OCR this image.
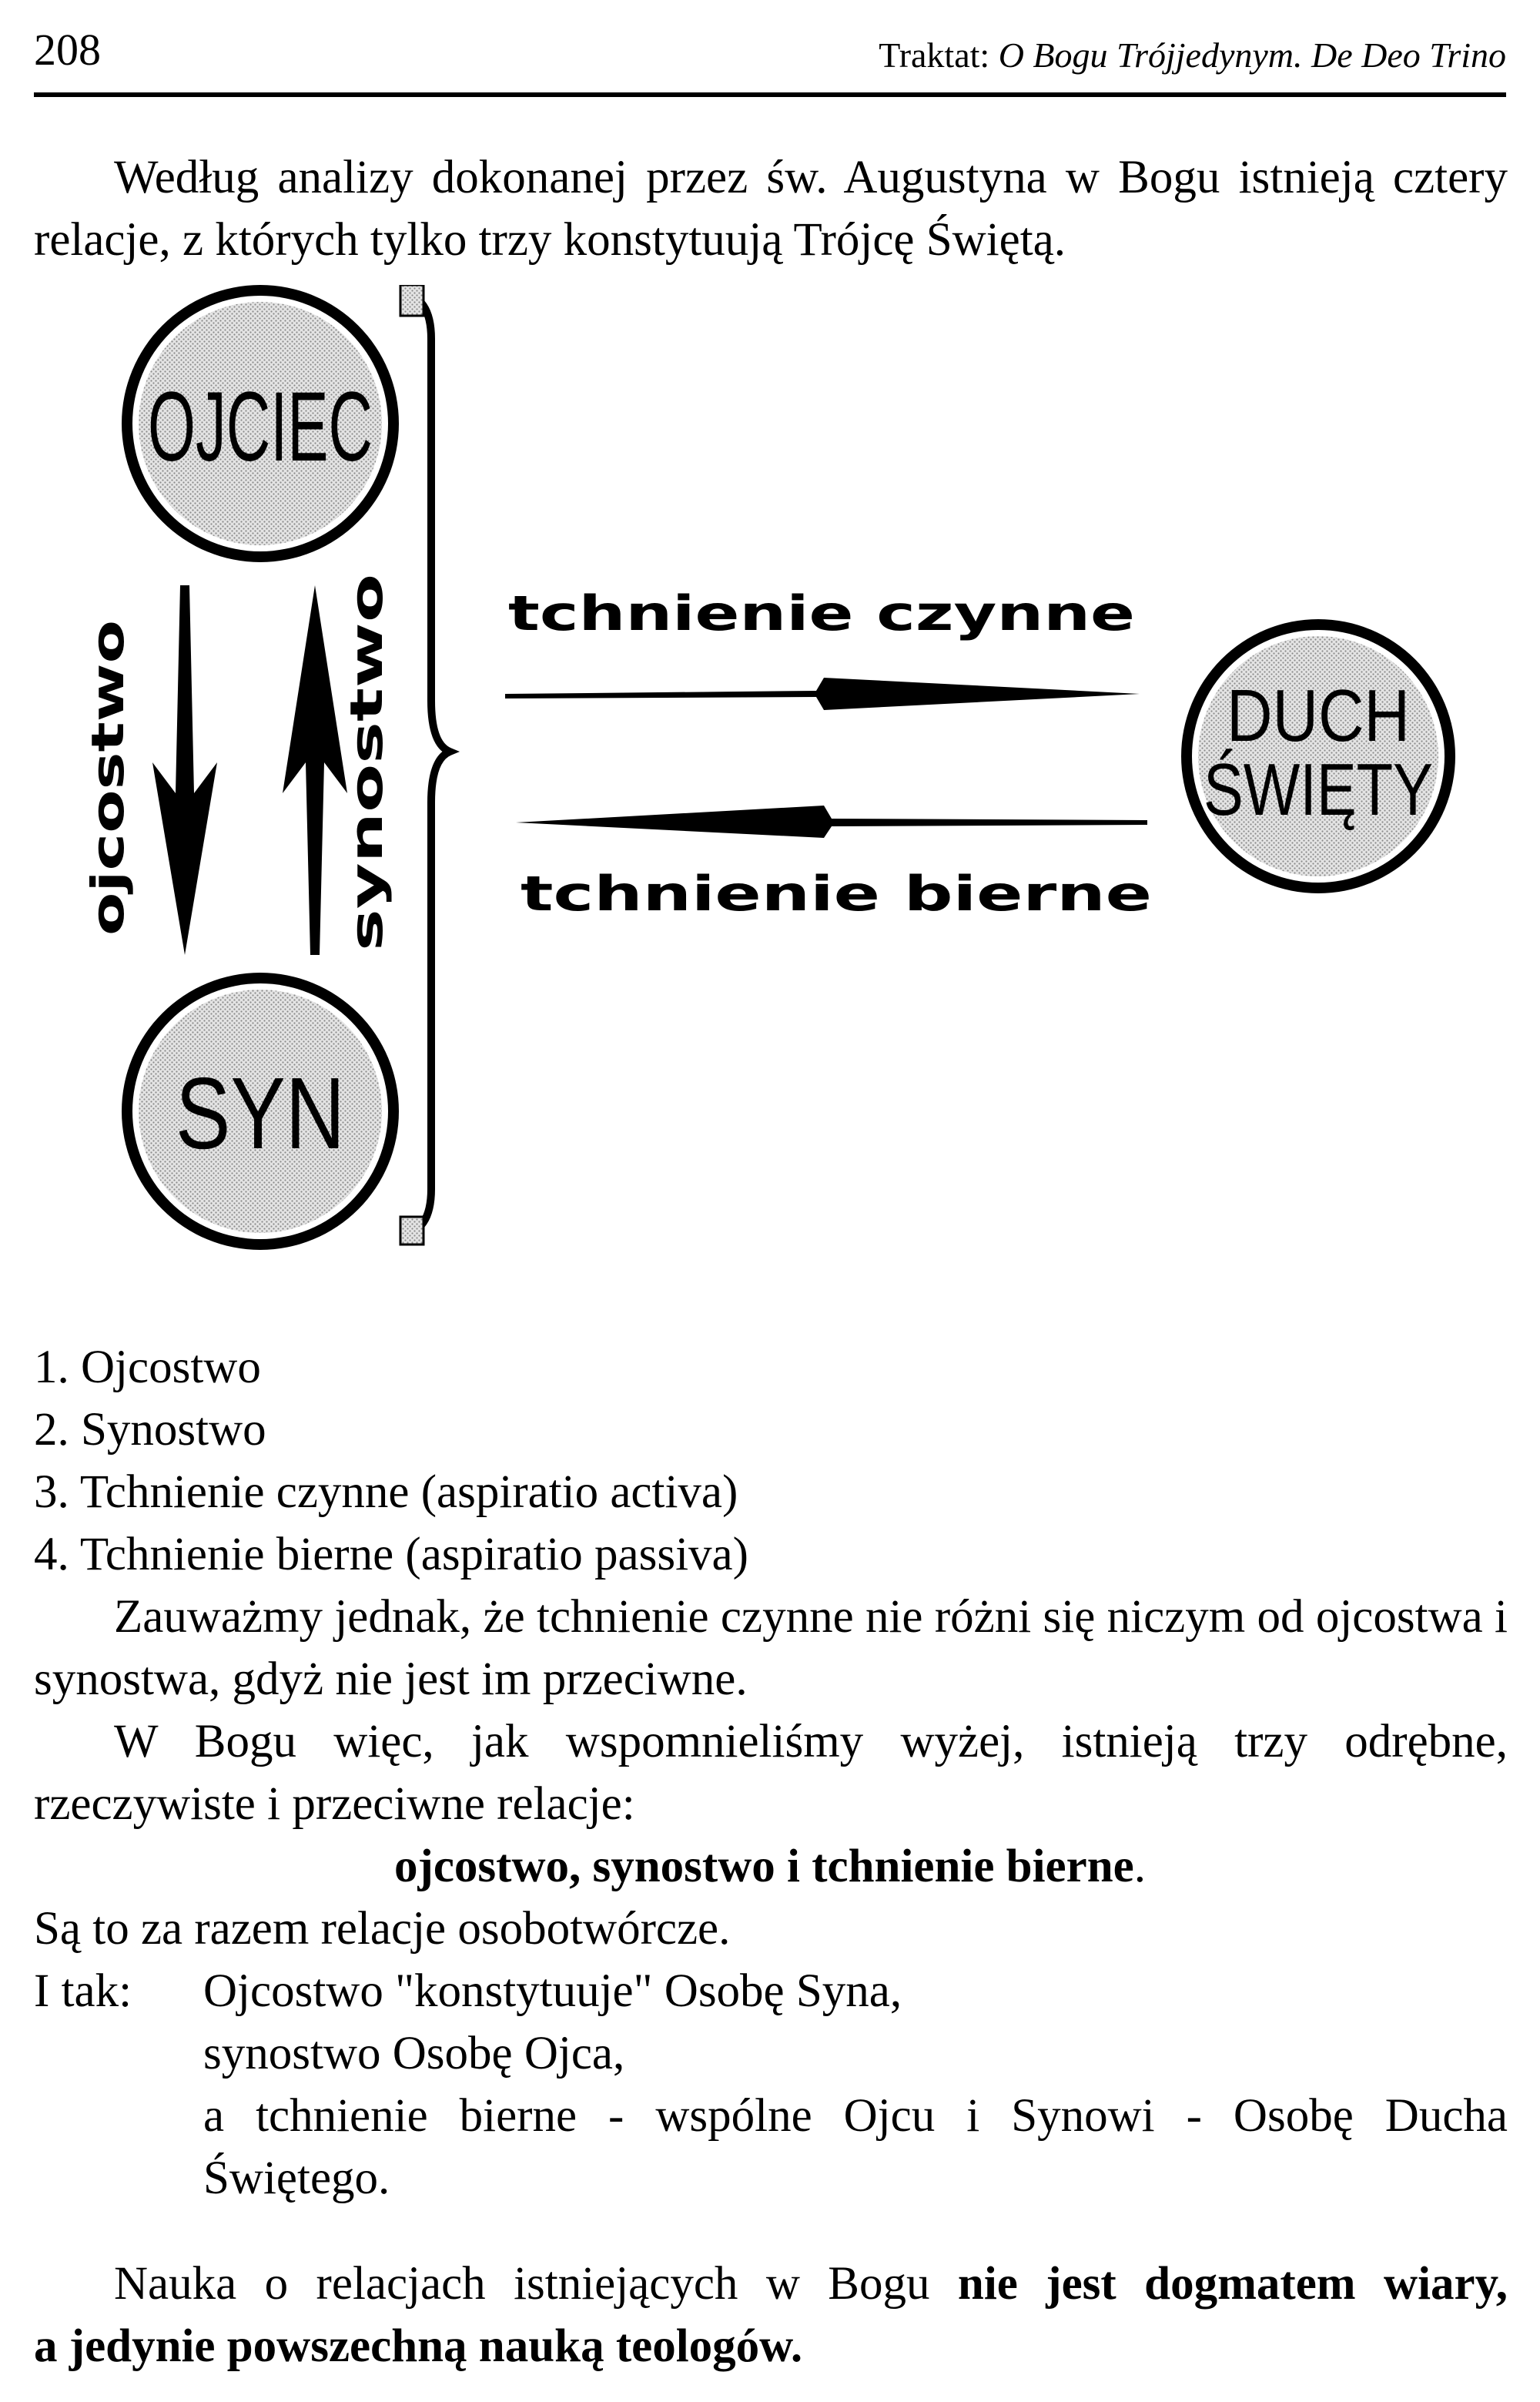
208	Traktat: O Bogu Trójjedynym. De Deo Trino
Według analizy dokonanej przez św. Augustyna w Bogu istnieją cztery relacje, z których tylko trzy konstytuują Trójcę Świętą.
OJCIEC
SYN
DUCH
ŚWIĘTY
ojcostwo	synostwo
tchnienie czynne
tchnienie bierne
1. Ojcostwo
2. Synostwo
3. Tchnienie czynne (aspiratio activa)
4. Tchnienie bierne (aspiratio passiva)
Zauważmy jednak, że tchnienie czynne nie różni się niczym od ojcostwa i synostwa, gdyż nie jest im przeciwne.
W Bogu więc, jak wspomnieliśmy wyżej, istnieją trzy odrębne, rzeczywiste i przeciwne relacje:
ojcostwo, synostwo i tchnienie bierne.
Są to za razem relacje osobotwórcze.
I tak: Ojcostwo "konstytuuje" Osobę Syna,
synostwo Osobę Ojca,
a tchnienie bierne - wspólne Ojcu i Synowi - Osobę Ducha
Świętego.
Nauka o relacjach istniejących w Bogu nie jest dogmatem wiary,
a jedynie powszechną nauką teologów.
